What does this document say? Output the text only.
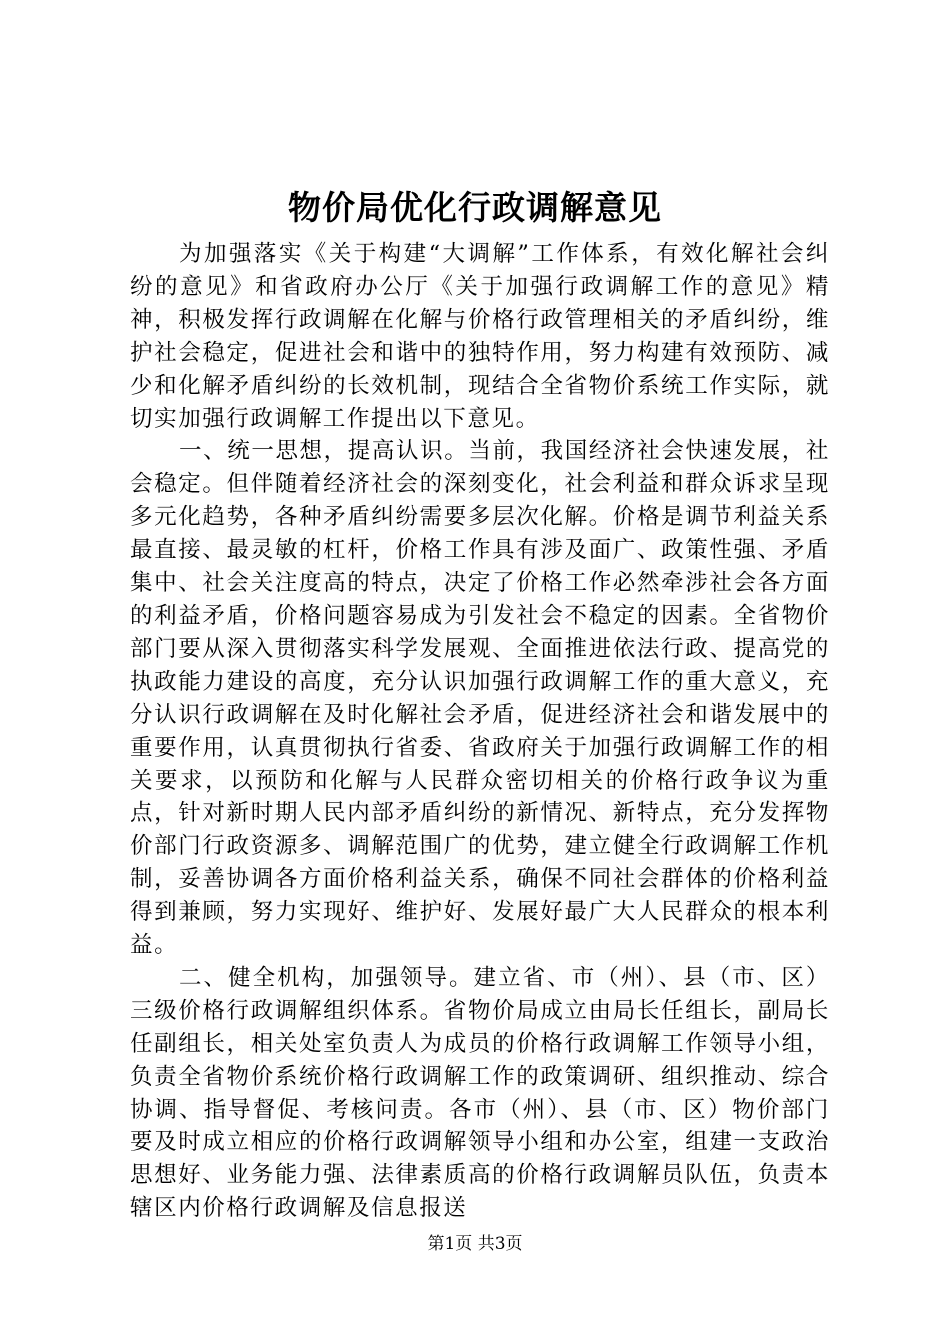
物价局优化行政调解意见

为加强落实《关于构建“大调解”工作体系，有效化解社会纠纷的意见》和省政府办公厅《关于加强行政调解工作的意见》精神，积极发挥行政调解在化解与价格行政管理相关的矛盾纠纷，维护社会稳定，促进社会和谐中的独特作用，努力构建有效预防、减少和化解矛盾纠纷的长效机制，现结合全省物价系统工作实际，就切实加强行政调解工作提出以下意见。

一、统一思想，提高认识。当前，我国经济社会快速发展，社会稳定。但伴随着经济社会的深刻变化，社会利益和群众诉求呈现多元化趋势，各种矛盾纠纷需要多层次化解。价格是调节利益关系最直接、最灵敏的杠杆，价格工作具有涉及面广、政策性强、矛盾集中、社会关注度高的特点，决定了价格工作必然牵涉社会各方面的利益矛盾，价格问题容易成为引发社会不稳定的因素。全省物价部门要从深入贯彻落实科学发展观、全面推进依法行政、提高党的执政能力建设的高度，充分认识加强行政调解工作的重大意义，充分认识行政调解在及时化解社会矛盾，促进经济社会和谐发展中的重要作用，认真贯彻执行省委、省政府关于加强行政调解工作的相关要求，以预防和化解与人民群众密切相关的价格行政争议为重点，针对新时期人民内部矛盾纠纷的新情况、新特点，充分发挥物价部门行政资源多、调解范围广的优势，建立健全行政调解工作机制，妥善协调各方面价格利益关系，确保不同社会群体的价格利益得到兼顾，努力实现好、维护好、发展好最广大人民群众的根本利益。

二、健全机构，加强领导。建立省、市（州）、县（市、区）三级价格行政调解组织体系。省物价局成立由局长任组长，副局长任副组长，相关处室负责人为成员的价格行政调解工作领导小组，负责全省物价系统价格行政调解工作的政策调研、组织推动、综合协调、指导督促、考核问责。各市（州）、县（市、区）物价部门要及时成立相应的价格行政调解领导小组和办公室，组建一支政治思想好、业务能力强、法律素质高的价格行政调解员队伍，负责本辖区内价格行政调解及信息报送

第1页 共3页
